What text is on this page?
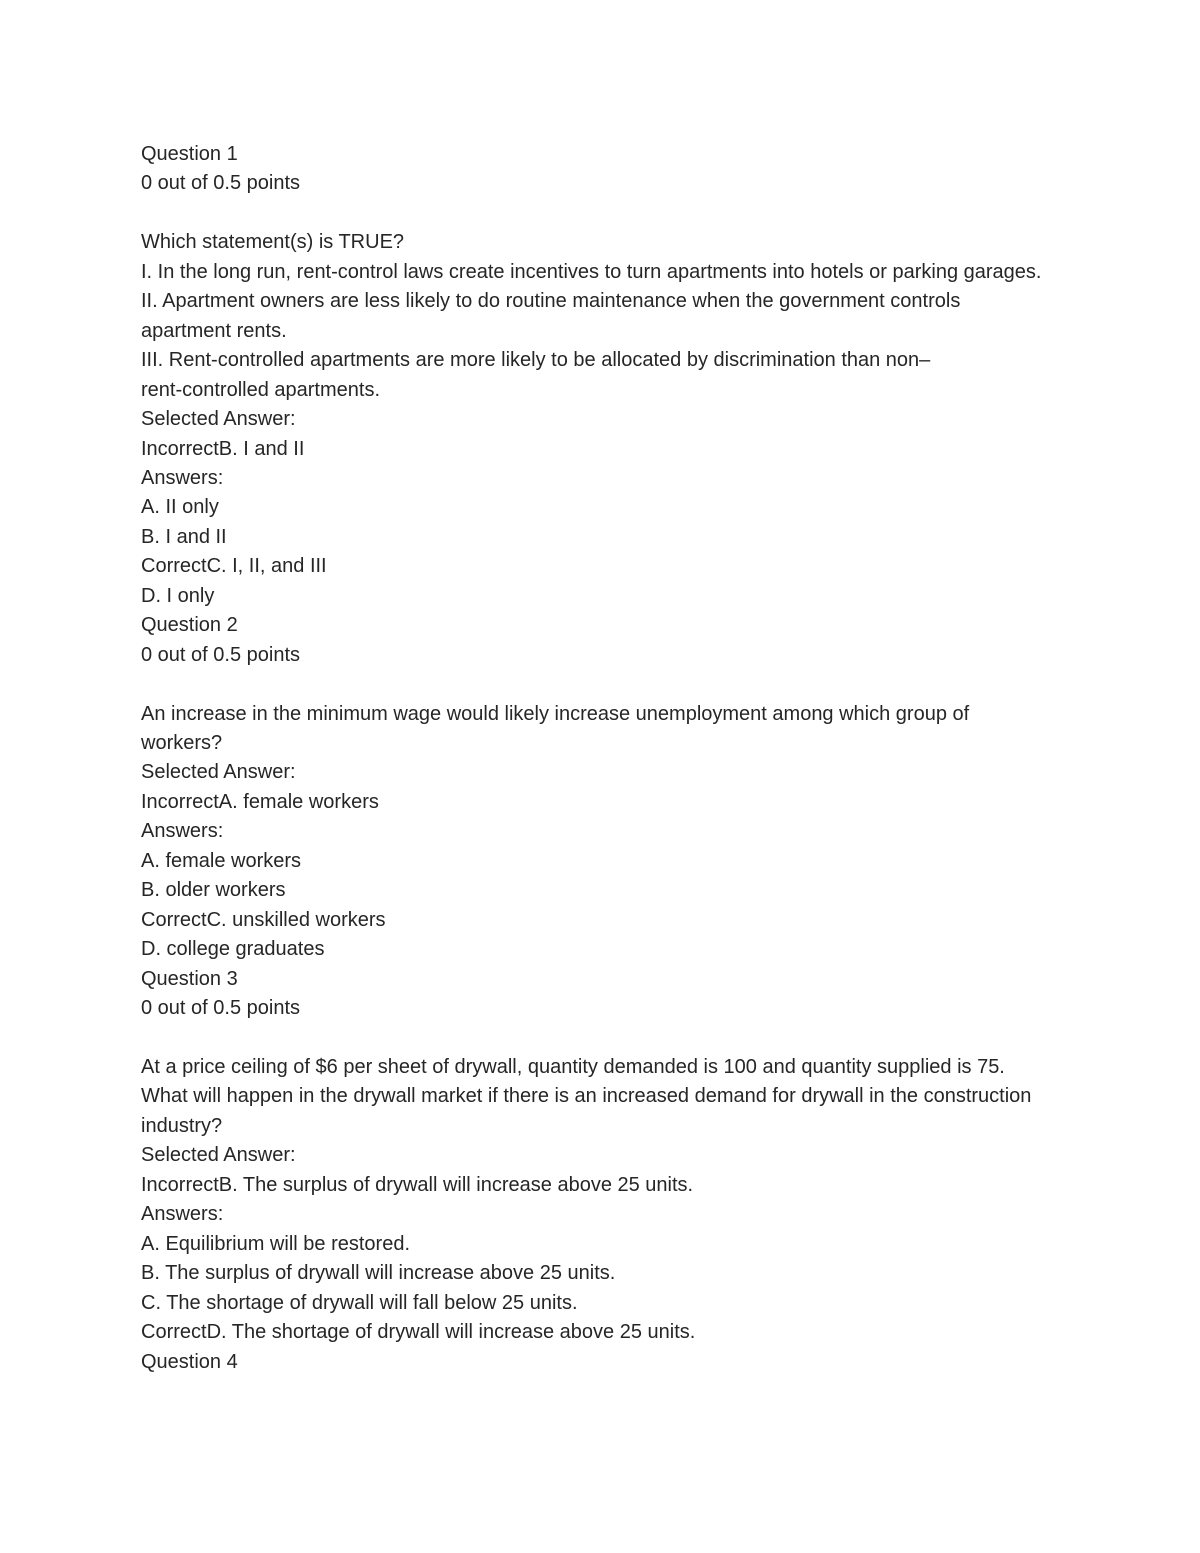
Question 1
0 out of 0.5 points
Which statement(s) is TRUE?
I. In the long run, rent-control laws create incentives to turn apartments into hotels or parking garages.
II. Apartment owners are less likely to do routine maintenance when the government controls apartment rents.
III. Rent-controlled apartments are more likely to be allocated by discrimination than non–rent-controlled apartments.
Selected Answer:
IncorrectB. I and II
Answers:
A. II only
B. I and II
CorrectC. I, II, and III
D. I only
Question 2
0 out of 0.5 points
An increase in the minimum wage would likely increase unemployment among which group of workers?
Selected Answer:
IncorrectA. female workers
Answers:
A. female workers
B. older workers
CorrectC. unskilled workers
D. college graduates
Question 3
0 out of 0.5 points
At a price ceiling of $6 per sheet of drywall, quantity demanded is 100 and quantity supplied is 75. What will happen in the drywall market if there is an increased demand for drywall in the construction industry?
Selected Answer:
IncorrectB. The surplus of drywall will increase above 25 units.
Answers:
A. Equilibrium will be restored.
B. The surplus of drywall will increase above 25 units.
C. The shortage of drywall will fall below 25 units.
CorrectD. The shortage of drywall will increase above 25 units.
Question 4
